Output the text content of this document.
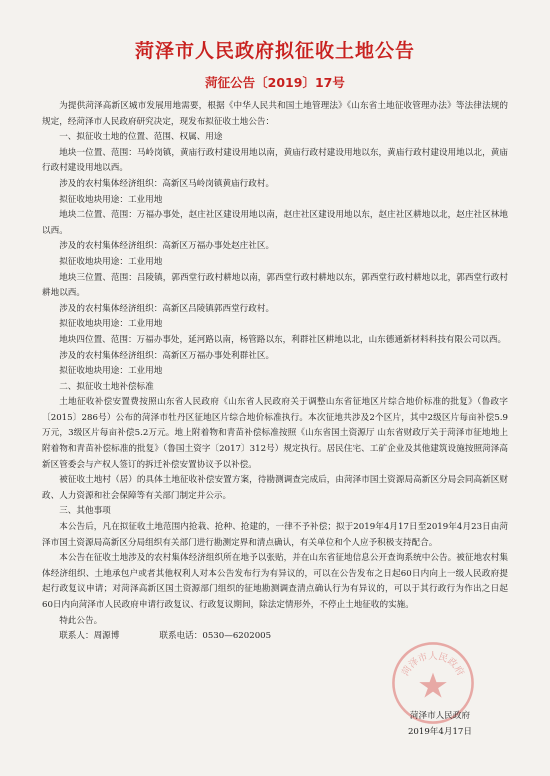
菏泽市人民政府拟征收土地公告
菏征公告〔2019〕17号

为提供菏泽高新区城市发展用地需要，根据《中华人民共和国土地管理法》《山东省土地征收管理办法》等法律法规的规定，经菏泽市人民政府研究决定，现发布拟征收土地公告：

一、拟征收土地的位置、范围、权属、用途

地块一位置、范围：马岭岗镇，黄庙行政村建设用地以南，黄庙行政村建设用地以东，黄庙行政村建设用地以北，黄庙行政村建设用地以西。

涉及的农村集体经济组织：高新区马岭岗镇黄庙行政村。

拟征收地块用途：工业用地

地块二位置、范围：万福办事处，赵庄社区建设用地以南，赵庄社区建设用地以东，赵庄社区耕地以北，赵庄社区林地以西。

涉及的农村集体经济组织：高新区万福办事处赵庄社区。

拟征收地块用途：工业用地

地块三位置、范围：吕陵镇，郭西堂行政村耕地以南，郭西堂行政村耕地以东，郭西堂行政村耕地以北，郭西堂行政村耕地以西。

涉及的农村集体经济组织：高新区吕陵镇郭西堂行政村。

拟征收地块用途：工业用地

地块四位置、范围：万福办事处，延河路以南，杨管路以东，利群社区耕地以北，山东德通新材料科技有限公司以西。

涉及的农村集体经济组织：高新区万福办事处利群社区。

拟征收地块用途：工业用地

二、拟征收土地补偿标准

土地征收补偿安置费按照山东省人民政府《山东省人民政府关于调整山东省征地区片综合地价标准的批复》（鲁政字〔2015〕286号）公布的菏泽市牡丹区征地区片综合地价标准执行。本次征地共涉及2个区片，其中2级区片每亩补偿5.9万元，3级区片每亩补偿5.2万元。地上附着物和青苗补偿标准按照《山东省国土资源厅 山东省财政厅关于菏泽市征地地上附着物和青苗补偿标准的批复》（鲁国土资字〔2017〕312号）规定执行。居民住宅、工矿企业及其他建筑设施按照菏泽高新区管委会与产权人签订的拆迁补偿安置协议予以补偿。

被征收土地村（居）的具体土地征收补偿安置方案，待勘测调查完成后，由菏泽市国土资源局高新区分局会同高新区财政、人力资源和社会保障等有关部门制定并公示。

三、其他事项

本公告后，凡在拟征收土地范围内抢栽、抢种、抢建的，一律不予补偿；拟于2019年4月17日至2019年4月23日由菏泽市国土资源局高新区分局组织有关部门进行勘测定界和清点确认，有关单位和个人应予积极支持配合。

本公告在征收土地涉及的农村集体经济组织所在地予以张贴，并在山东省征地信息公开查询系统中公告。被征地农村集体经济组织、土地承包户或者其他权利人对本公告发布行为有异议的，可以在公告发布之日起60日内向上一级人民政府提起行政复议申请；对菏泽高新区国土资源部门组织的征地勘测调查清点确认行为有异议的，可以于其行政行为作出之日起60日内向菏泽市人民政府申请行政复议、行政复议期间，除法定情形外，不停止土地征收的实施。

特此公告。

联系人：周源博	联系电话：0530—6202005

菏泽市人民政府
菏泽市人民政府
2019年4月17日
